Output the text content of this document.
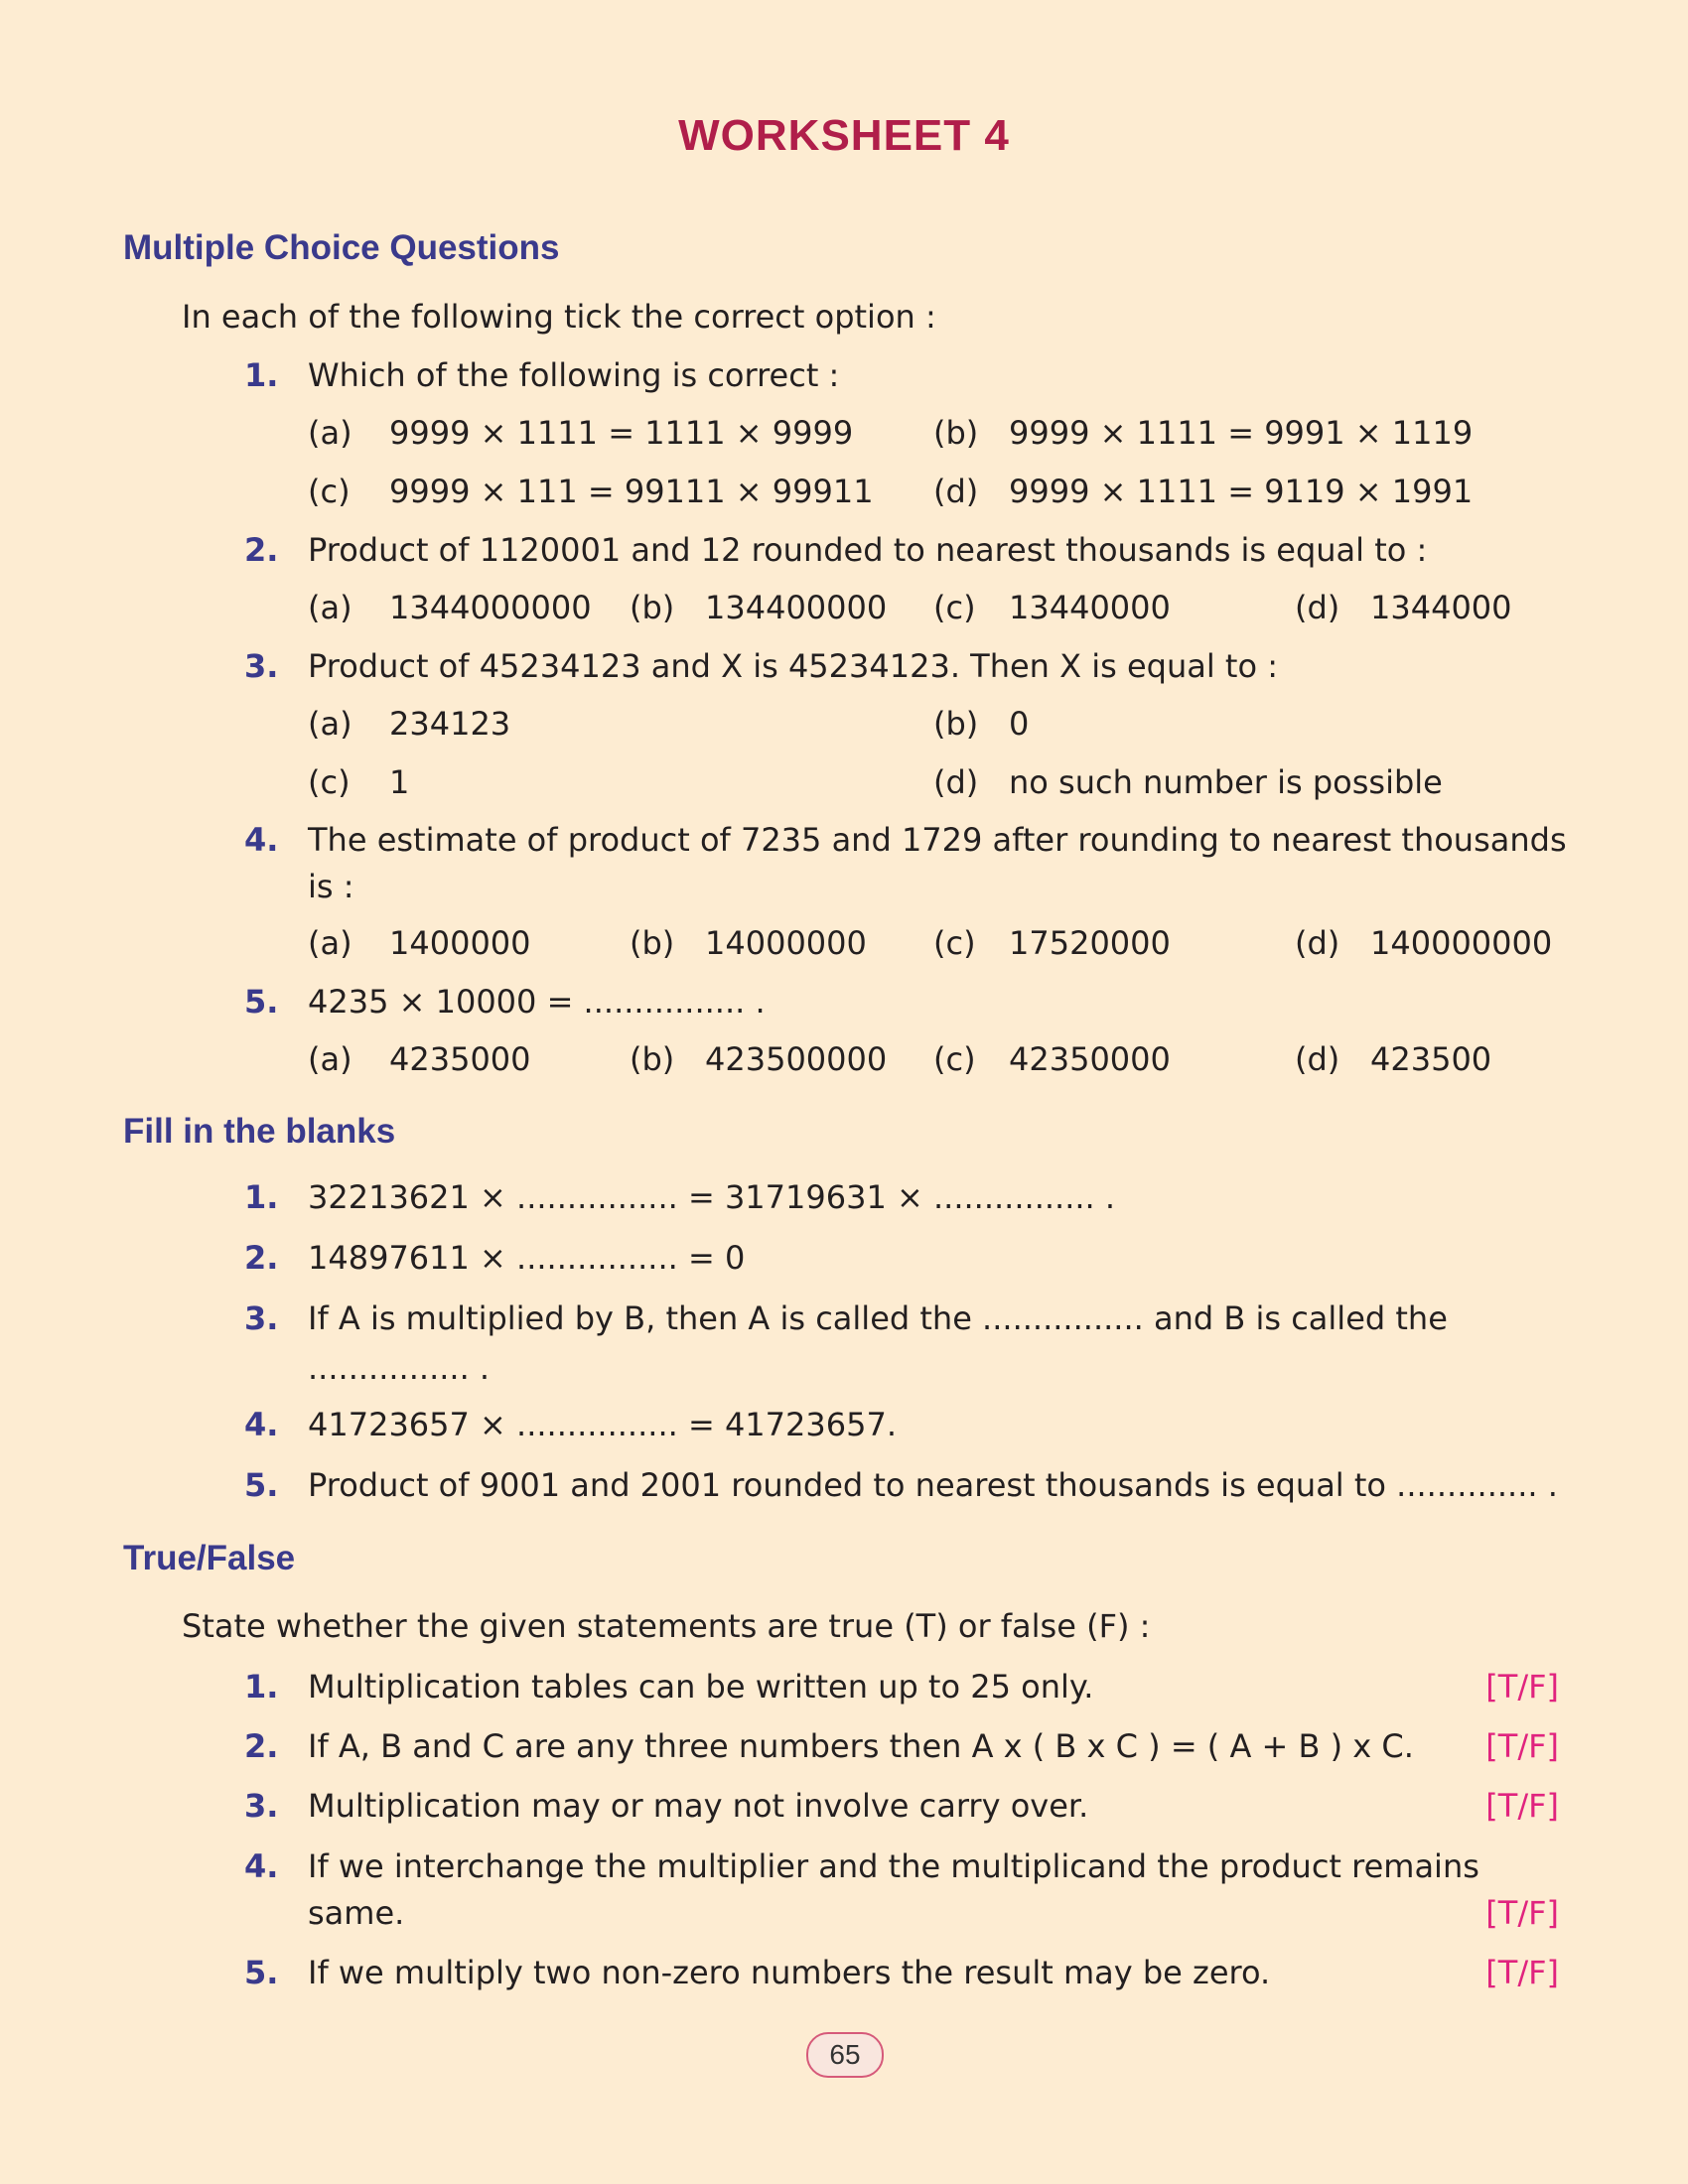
WORKSHEET 4
Multiple Choice Questions
In each of the following tick the correct option :
1. Which of the following is correct :
(a) 9999 × 1111 = 1111 × 9999	(b) 9999 × 1111 = 9991 × 1119
(c) 9999 × 111 = 99111 × 99911 (d) 9999 × 1111 = 9119 × 1991
2. Product of 1120001 and 12 rounded to nearest thousands is equal to :
(a) 1344000000 (b) 134400000 (c) 13440000	(d) 1344000
3. Product of 45234123 and X is 45234123. Then X is equal to :
(a) 234123	(b) 0
(c) 1	(d) no such number is possible
4. The estimate of product of 7235 and 1729 after rounding to nearest thousands
is :
(a) 1400000	(b) 14000000 (c) 17520000	(d) 140000000
5. 4235 × 10000 = ................ .
(a) 4235000	(b) 423500000 (c) 42350000	(d) 423500
Fill in the blanks
1. 32213621 × ................ = 31719631 × ................ .
2. 14897611 × ................ = 0
3. If A is multiplied by B, then A is called the ................ and B is called the
................ .
4. 41723657 × ................ = 41723657.
5. Product of 9001 and 2001 rounded to nearest thousands is equal to .............. .
True/False
State whether the given statements are true (T) or false (F) :
1. Multiplication tables can be written up to 25 only.	[T/F]
2. If A, B and C are any three numbers then A x ( B x C ) = ( A + B ) x C. [T/F]
3. Multiplication may or may not involve carry over.	[T/F]
4. If we interchange the multiplier and the multiplicand the product remains
same.	[T/F]
5. If we multiply two non-zero numbers the result may be zero.	[T/F]
65
